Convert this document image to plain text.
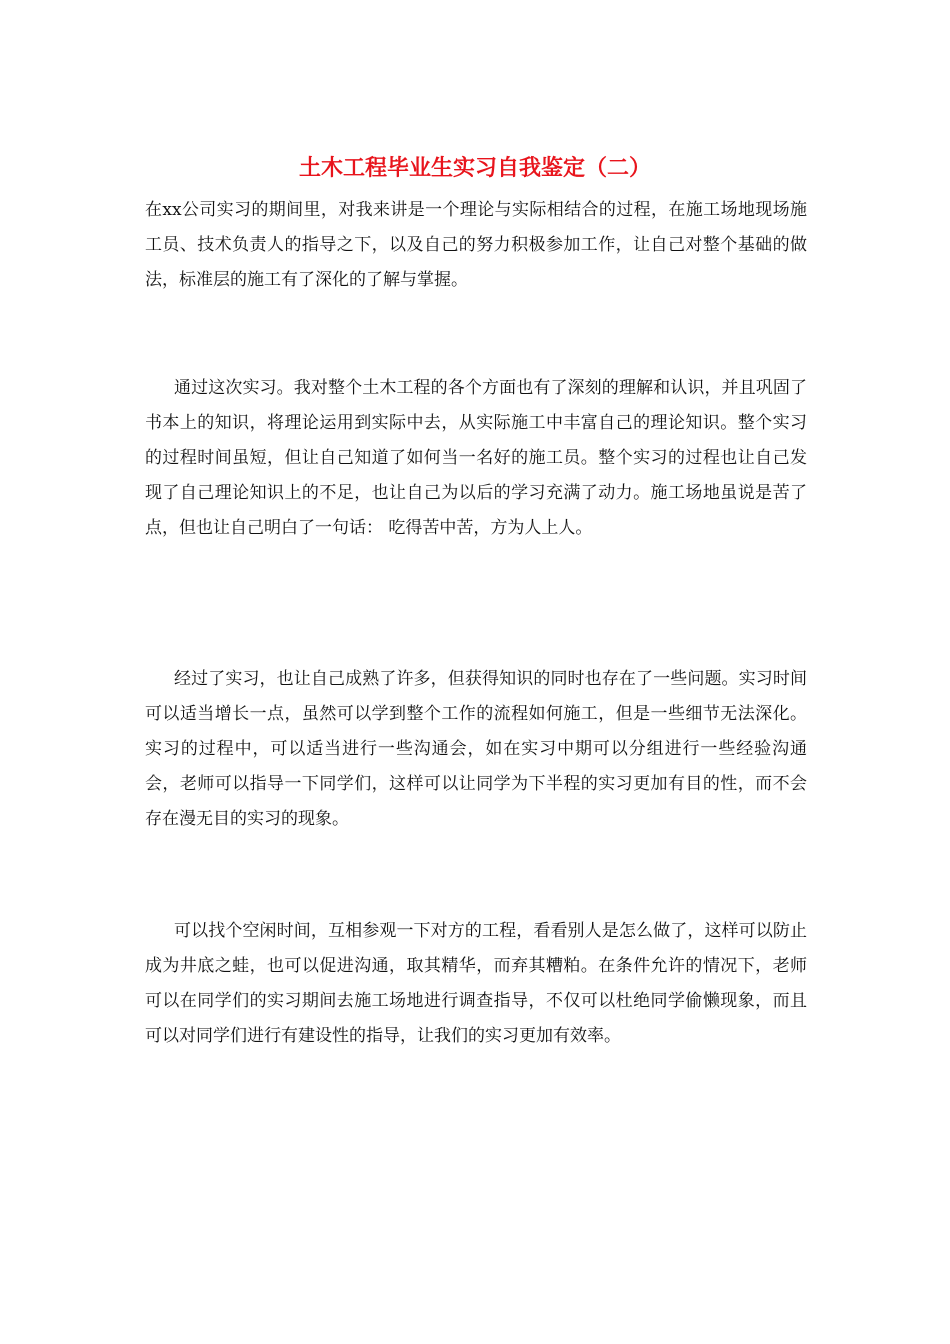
土木工程毕业生实习自我鉴定（二）

在xx公司实习的期间里，对我来讲是一个理论与实际相结合的过程，在施工场地现场施工员、技术负责人的指导之下，以及自己的努力积极参加工作，让自己对整个基础的做法，标准层的施工有了深化的了解与掌握。

通过这次实习。我对整个土木工程的各个方面也有了深刻的理解和认识，并且巩固了书本上的知识，将理论运用到实际中去，从实际施工中丰富自己的理论知识。整个实习的过程时间虽短，但让自己知道了如何当一名好的施工员。整个实习的过程也让自己发现了自己理论知识上的不足，也让自己为以后的学习充满了动力。施工场地虽说是苦了点，但也让自己明白了一句话： 吃得苦中苦，方为人上人。

经过了实习，也让自己成熟了许多，但获得知识的同时也存在了一些问题。实习时间可以适当增长一点，虽然可以学到整个工作的流程如何施工，但是一些细节无法深化。实习的过程中，可以适当进行一些沟通会，如在实习中期可以分组进行一些经验沟通会，老师可以指导一下同学们，这样可以让同学为下半程的实习更加有目的性，而不会存在漫无目的实习的现象。

可以找个空闲时间，互相参观一下对方的工程，看看别人是怎么做了，这样可以防止成为井底之蛙，也可以促进沟通，取其精华，而弃其糟粕。在条件允许的情况下，老师可以在同学们的实习期间去施工场地进行调查指导，不仅可以杜绝同学偷懒现象，而且可以对同学们进行有建设性的指导，让我们的实习更加有效率。
